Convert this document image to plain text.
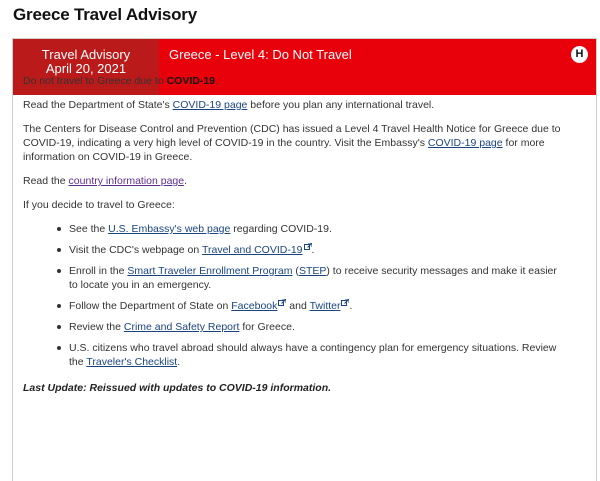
Greece Travel Advisory
Travel Advisory
April 20, 2021
Greece - Level 4: Do Not Travel	H

Do not travel to Greece due to COVID-19.

Read the Department of State's COVID-19 page before you plan any international travel.

The Centers for Disease Control and Prevention (CDC) has issued a Level 4 Travel Health Notice for Greece due to COVID-19, indicating a very high level of COVID-19 in the country. Visit the Embassy's COVID-19 page for more information on COVID-19 in Greece.

Read the country information page.

If you decide to travel to Greece:

See the U.S. Embassy's web page regarding COVID-19.
Visit the CDC's webpage on Travel and COVID-19 .
Enroll in the Smart Traveler Enrollment Program (STEP) to receive security messages and make it easier to locate you in an emergency.
Follow the Department of State on Facebook and Twitter .
Review the Crime and Safety Report for Greece.
U.S. citizens who travel abroad should always have a contingency plan for emergency situations. Review the Traveler's Checklist.

Last Update: Reissued with updates to COVID-19 information.
